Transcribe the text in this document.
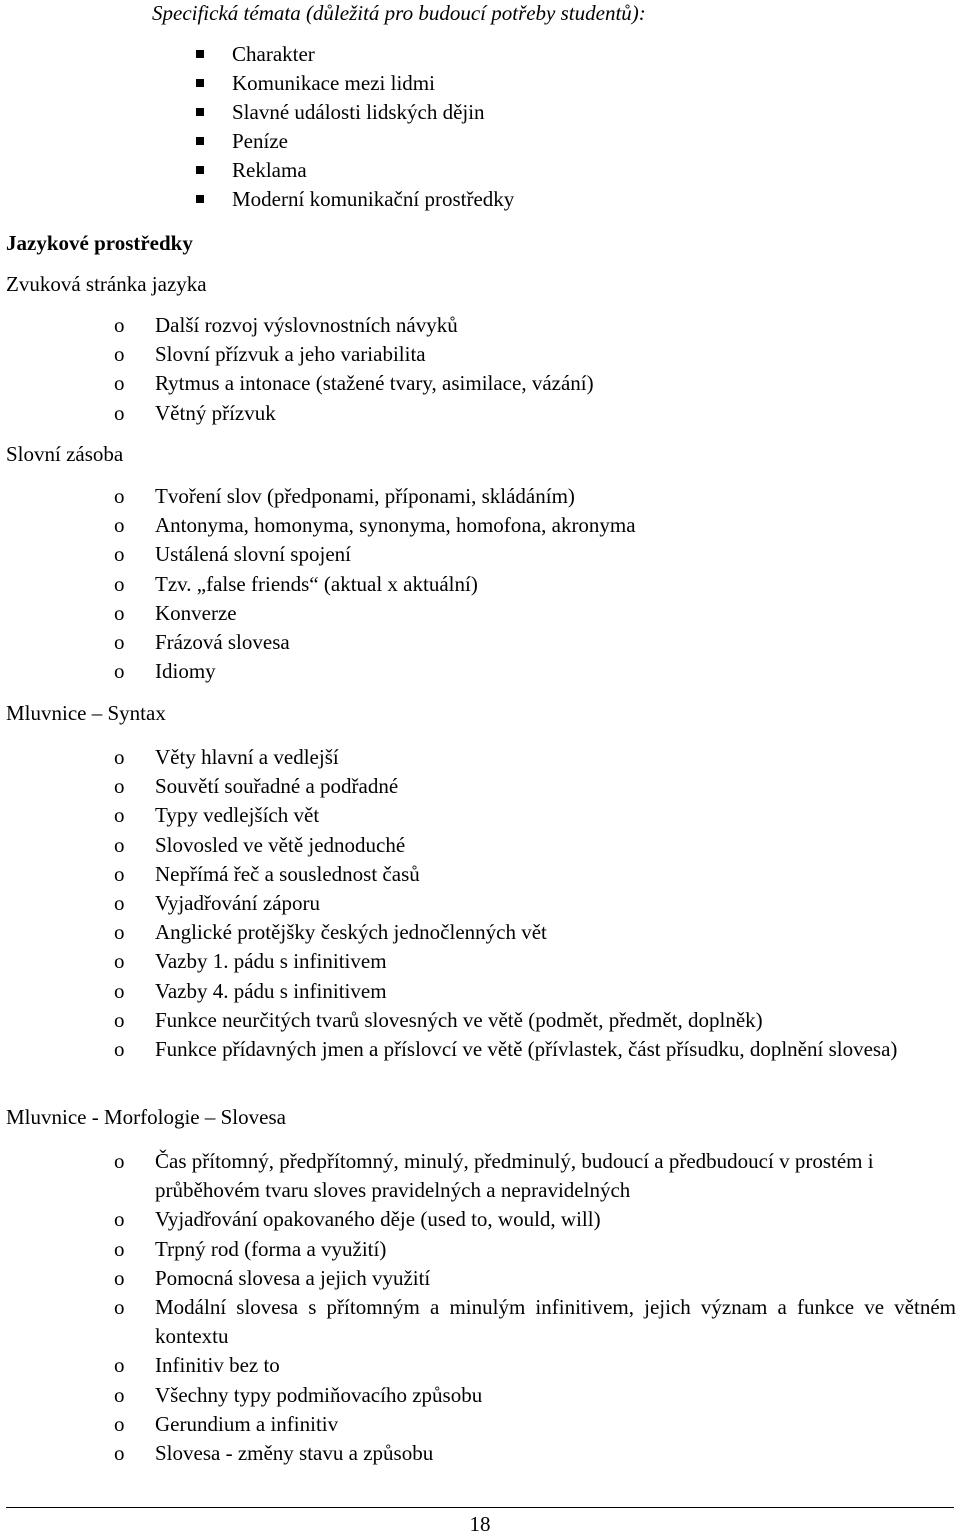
Specifická témata (důležitá pro budoucí potřeby studentů):
Charakter
Komunikace mezi lidmi
Slavné události lidských dějin
Peníze
Reklama
Moderní komunikační prostředky
Jazykové prostředky
Zvuková stránka jazyka
o Další rozvoj výslovnostních návyků
o Slovní přízvuk a jeho variabilita
o Rytmus a intonace (stažené tvary, asimilace, vázání)
o Větný přízvuk
Slovní zásoba
o Tvoření slov (předponami, příponami, skládáním)
o Antonyma, homonyma, synonyma, homofona, akronyma
o Ustálená slovní spojení
o Tzv. „false friends“ (aktual x aktuální)
o Konverze
o Frázová slovesa
o Idiomy
Mluvnice – Syntax
o Věty hlavní a vedlejší
o Souvětí souřadné a podřadné
o Typy vedlejších vět
o Slovosled ve větě jednoduché
o Nepřímá řeč a souslednost časů
o Vyjadřování záporu
o Anglické protějšky českých jednočlenných vět
o Vazby 1. pádu s infinitivem
o Vazby 4. pádu s infinitivem
o Funkce neurčitých tvarů slovesných ve větě (podmět, předmět, doplněk)
o Funkce přídavných jmen a příslovcí ve větě (přívlastek, část přísudku, doplnění slovesa)
Mluvnice - Morfologie – Slovesa
o Čas přítomný, předpřítomný, minulý, předminulý, budoucí a předbudoucí v prostém i průběhovém tvaru sloves pravidelných a nepravidelných
o Vyjadřování opakovaného děje (used to, would, will)
o Trpný rod (forma a využití)
o Pomocná slovesa a jejich využití
o Modální slovesa s přítomným a minulým infinitivem, jejich význam a funkce ve větném kontextu
o Infinitiv bez to
o Všechny typy podmiňovacího způsobu
o Gerundium a infinitiv
o Slovesa - změny stavu a způsobu
18
